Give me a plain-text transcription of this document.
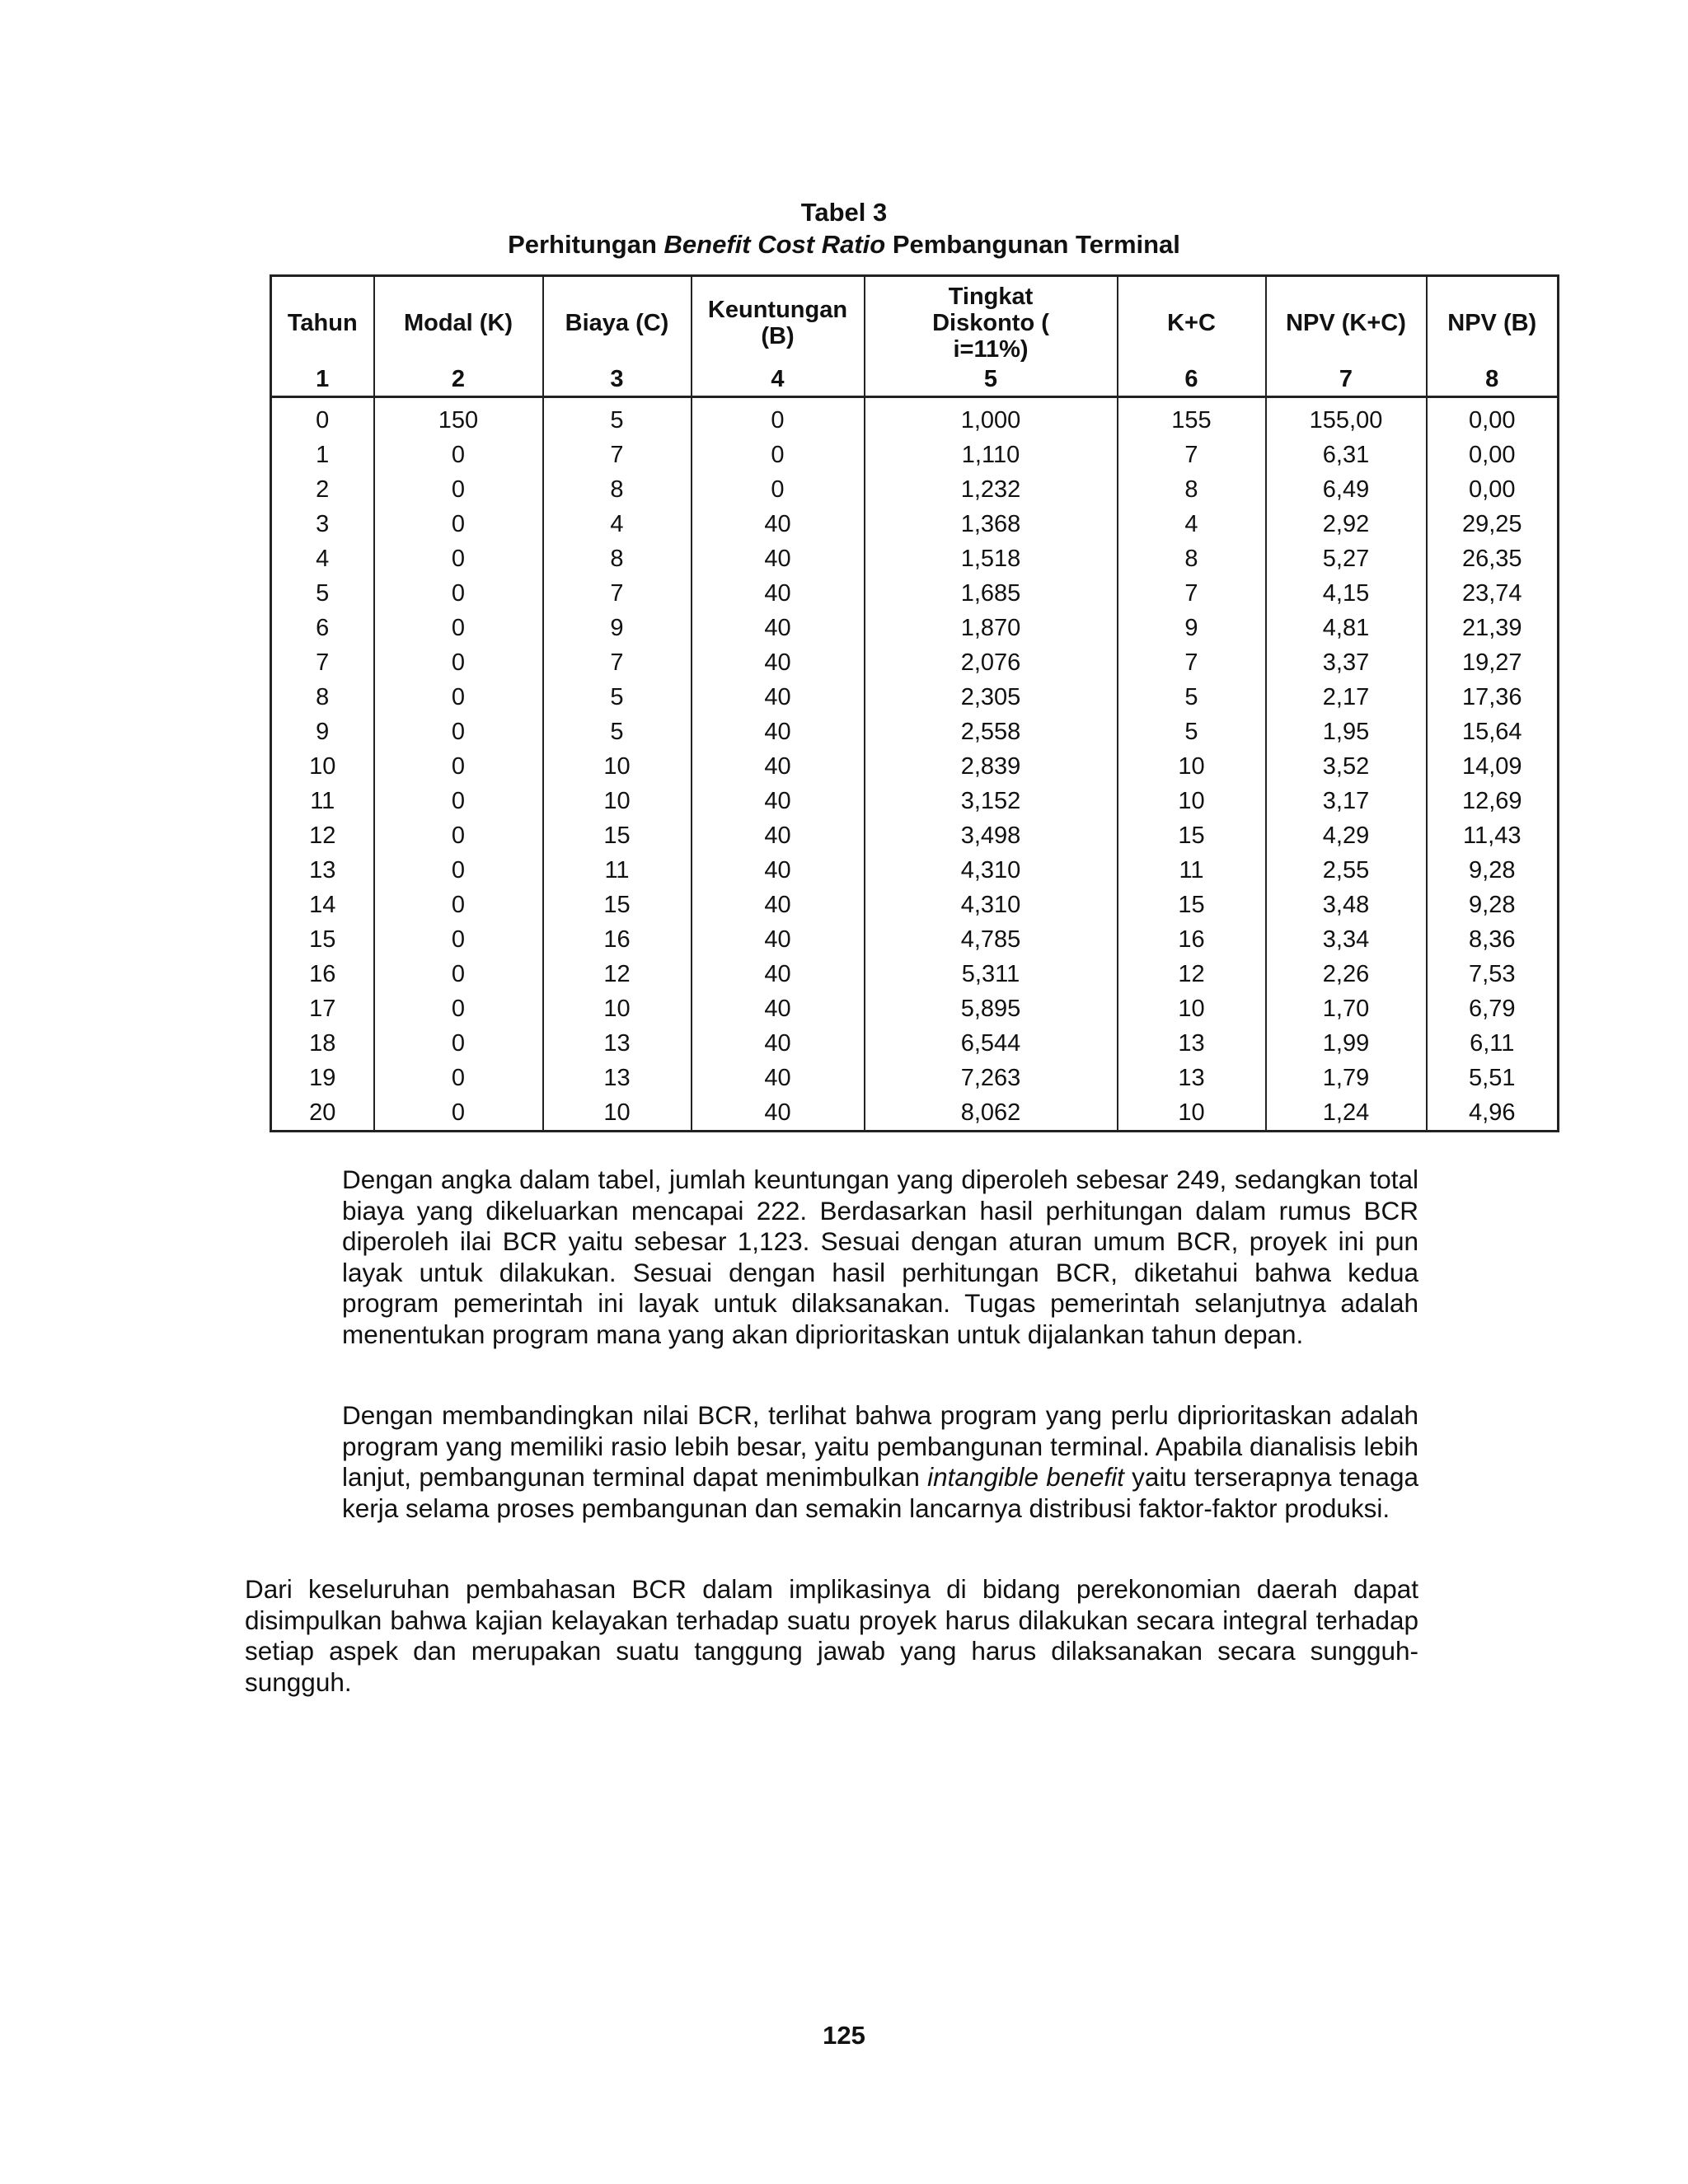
Tabel 3
Perhitungan Benefit Cost Ratio Pembangunan Terminal
Tahun	Modal (K)	Biaya (C)	Keuntungan (B)	Tingkat Diskonto ( i=11%)	K+C	NPV (K+C)	NPV (B)
1	2	3	4	5	6	7	8
0	150	5	0	1,000	155	155,00	0,00
1	0	7	0	1,110	7	6,31	0,00
2	0	8	0	1,232	8	6,49	0,00
3	0	4	40	1,368	4	2,92	29,25
4	0	8	40	1,518	8	5,27	26,35
5	0	7	40	1,685	7	4,15	23,74
6	0	9	40	1,870	9	4,81	21,39
7	0	7	40	2,076	7	3,37	19,27
8	0	5	40	2,305	5	2,17	17,36
9	0	5	40	2,558	5	1,95	15,64
10	0	10	40	2,839	10	3,52	14,09
11	0	10	40	3,152	10	3,17	12,69
12	0	15	40	3,498	15	4,29	11,43
13	0	11	40	4,310	11	2,55	9,28
14	0	15	40	4,310	15	3,48	9,28
15	0	16	40	4,785	16	3,34	8,36
16	0	12	40	5,311	12	2,26	7,53
17	0	10	40	5,895	10	1,70	6,79
18	0	13	40	6,544	13	1,99	6,11
19	0	13	40	7,263	13	1,79	5,51
20	0	10	40	8,062	10	1,24	4,96

Dengan angka dalam tabel, jumlah keuntungan yang diperoleh sebesar 249, sedangkan total biaya yang dikeluarkan mencapai 222. Berdasarkan hasil perhitungan dalam rumus BCR diperoleh ilai BCR yaitu sebesar 1,123. Sesuai dengan aturan umum BCR, proyek ini pun layak untuk dilakukan. Sesuai dengan hasil perhitungan BCR, diketahui bahwa kedua program pemerintah ini layak untuk dilaksanakan. Tugas pemerintah selanjutnya adalah menentukan program mana yang akan diprioritaskan untuk dijalankan tahun depan.

Dengan membandingkan nilai BCR, terlihat bahwa program yang perlu diprioritaskan adalah program yang memiliki rasio lebih besar, yaitu pembangunan terminal. Apabila dianalisis lebih lanjut, pembangunan terminal dapat menimbulkan intangible benefit yaitu terserapnya tenaga kerja selama proses pembangunan dan semakin lancarnya distribusi faktor-faktor produksi.

Dari keseluruhan pembahasan BCR dalam implikasinya di bidang perekonomian daerah dapat disimpulkan bahwa kajian kelayakan terhadap suatu proyek harus dilakukan secara integral terhadap setiap aspek dan merupakan suatu tanggung jawab yang harus dilaksanakan secara sungguh-sungguh.

125
